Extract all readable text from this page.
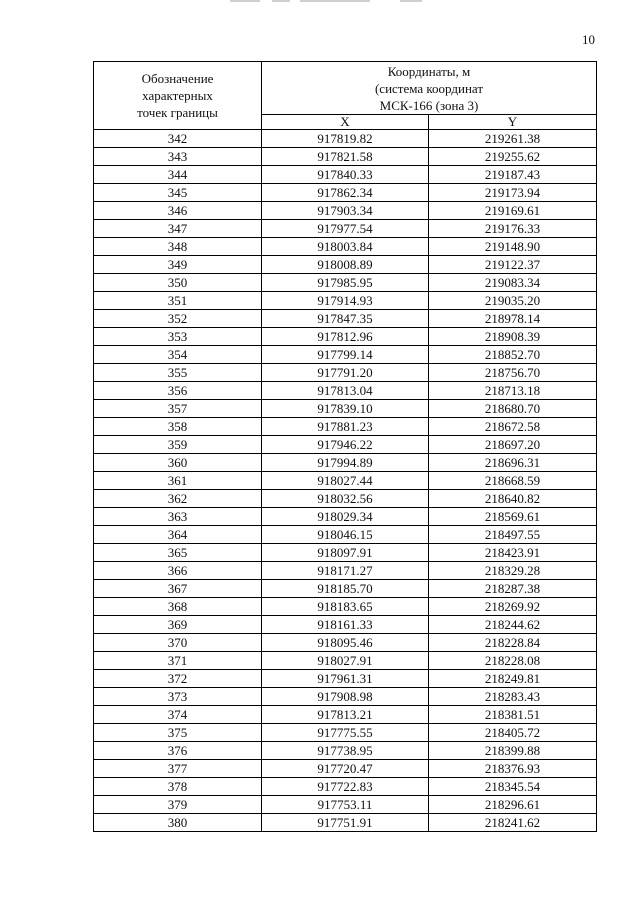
10
Обозначение
характерных
точек границы	Координаты, м
(система координат
МСК-166 (зона 3)	

	X	Y
342	917819.82	219261.38
343	917821.58	219255.62
344	917840.33	219187.43
345	917862.34	219173.94
346	917903.34	219169.61
347	917977.54	219176.33
348	918003.84	219148.90
349	918008.89	219122.37
350	917985.95	219083.34
351	917914.93	219035.20
352	917847.35	218978.14
353	917812.96	218908.39
354	917799.14	218852.70
355	917791.20	218756.70
356	917813.04	218713.18
357	917839.10	218680.70
358	917881.23	218672.58
359	917946.22	218697.20
360	917994.89	218696.31
361	918027.44	218668.59
362	918032.56	218640.82
363	918029.34	218569.61
364	918046.15	218497.55
365	918097.91	218423.91
366	918171.27	218329.28
367	918185.70	218287.38
368	918183.65	218269.92
369	918161.33	218244.62
370	918095.46	218228.84
371	918027.91	218228.08
372	917961.31	218249.81
373	917908.98	218283.43
374	917813.21	218381.51
375	917775.55	218405.72
376	917738.95	218399.88
377	917720.47	218376.93
378	917722.83	218345.54
379	917753.11	218296.61
380	917751.91	218241.62
